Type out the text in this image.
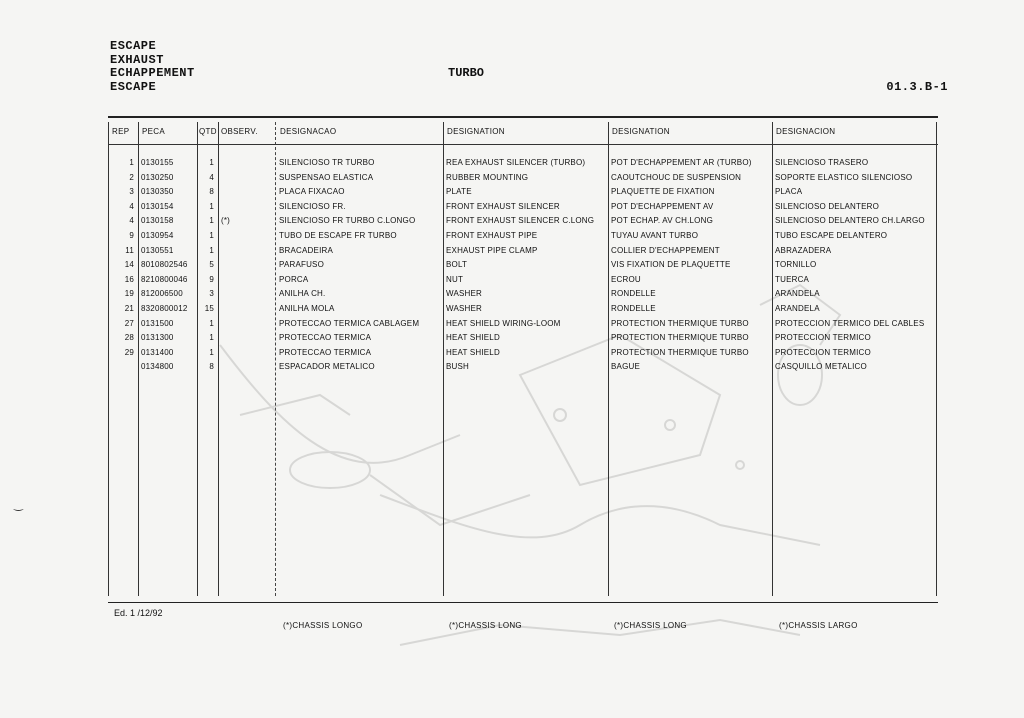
ESCAPE
EXHAUST
ECHAPPEMENT
ESCAPE
TURBO
01.3.B-1
REP PECA	QTD OBSERV.	DESIGNACAO	DESIGNATION	DESIGNATION	DESIGNACION
1 0130155	1	SILENCIOSO TR TURBO	REA EXHAUST SILENCER (TURBO)	POT D'ECHAPPEMENT AR (TURBO)	SILENCIOSO TRASERO
2 0130250	4	SUSPENSAO ELASTICA	RUBBER MOUNTING	CAOUTCHOUC DE SUSPENSION	SOPORTE ELASTICO SILENCIOSO
3 0130350	8	PLACA FIXACAO	PLATE	PLAQUETTE DE FIXATION	PLACA
4 0130154	1	SILENCIOSO FR.	FRONT EXHAUST SILENCER	POT D'ECHAPPEMENT AV	SILENCIOSO DELANTERO
4 0130158	1 (*)	SILENCIOSO FR TURBO C.LONGO	FRONT EXHAUST SILENCER C.LONG	POT ECHAP. AV CH.LONG	SILENCIOSO DELANTERO CH.LARGO
9 0130954	1	TUBO DE ESCAPE FR TURBO	FRONT EXHAUST PIPE	TUYAU AVANT TURBO	TUBO ESCAPE DELANTERO
11 0130551	1	BRACADEIRA	EXHAUST PIPE CLAMP	COLLIER D'ECHAPPEMENT	ABRAZADERA
14 8010802546	5	PARAFUSO	BOLT	VIS FIXATION DE PLAQUETTE	TORNILLO
16 8210800046	9	PORCA	NUT	ECROU	TUERCA
19 812006500	3	ANILHA CH.	WASHER	RONDELLE	ARANDELA
21 8320800012	15	ANILHA MOLA	WASHER	RONDELLE	ARANDELA
27 0131500	1	PROTECCAO TERMICA CABLAGEM	HEAT SHIELD WIRING-LOOM	PROTECTION THERMIQUE TURBO	PROTECCION TERMICO DEL CABLES
28 0131300	1	PROTECCAO TERMICA	HEAT SHIELD	PROTECTION THERMIQUE TURBO	PROTECCION TERMICO
29 0131400	1	PROTECCAO TERMICA	HEAT SHIELD	PROTECTION THERMIQUE TURBO	PROTECCION TERMICO
0134800	8	ESPACADOR METALICO	BUSH	BAGUE	CASQUILLO METALICO
Ed. 1 /12/92
(*)CHASSIS LONGO	(*)CHASSIS LONG	(*)CHASSIS LONG	(*)CHASSIS LARGO
‿
